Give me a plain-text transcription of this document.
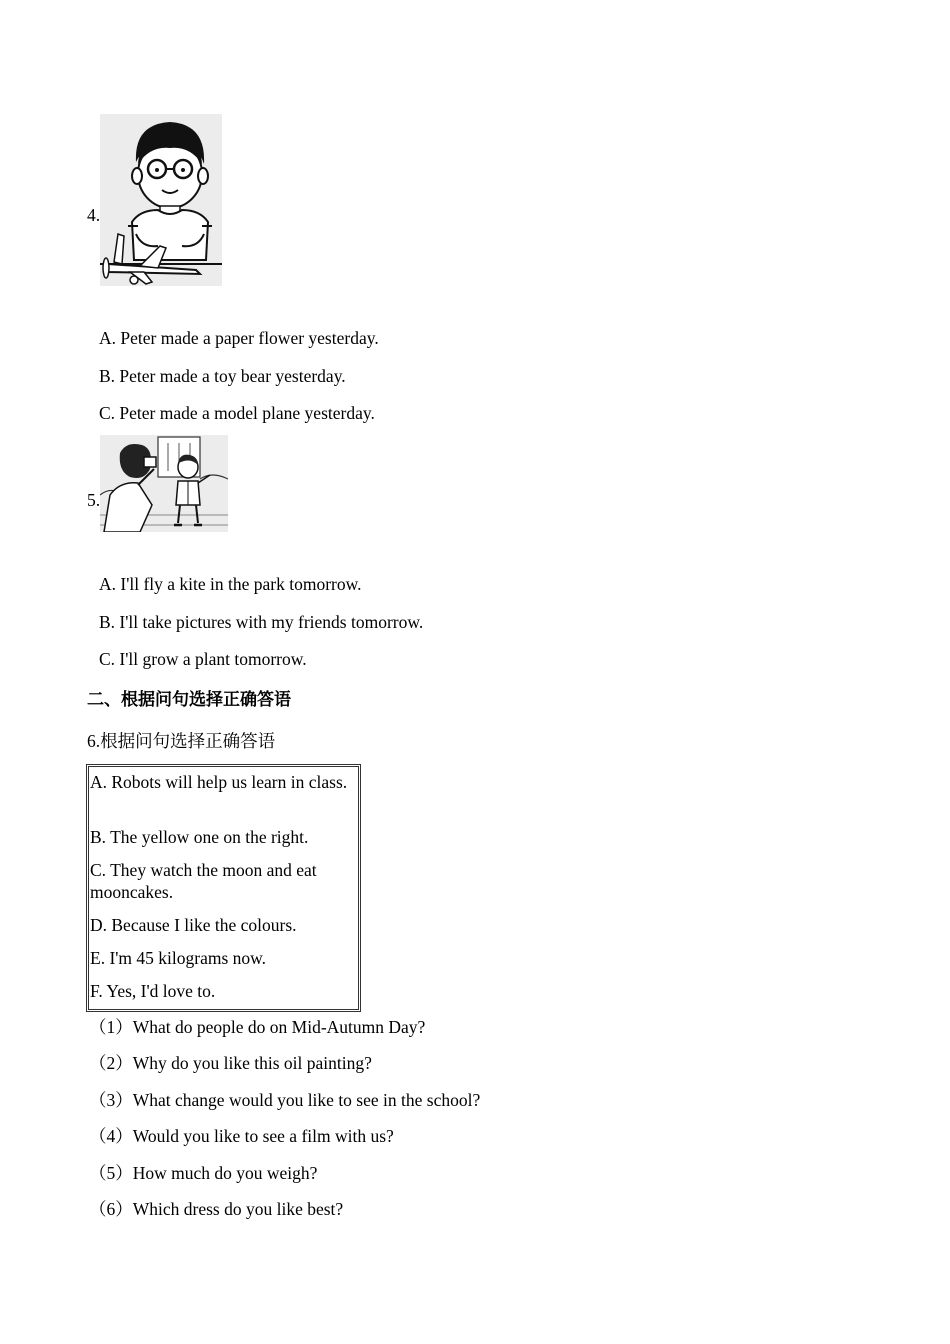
4.
A. Peter made a paper flower yesterday.
B. Peter made a toy bear yesterday.
C. Peter made a model plane yesterday.
5.
A. I'll fly a kite in the park tomorrow.
B. I'll take pictures with my friends tomorrow.
C. I'll grow a plant tomorrow.
二、根据问句选择正确答语
6.根据问句选择正确答语
A. Robots will help us learn in class.
B. The yellow one on the right.
C. They watch the moon and eat mooncakes.
D. Because I like the colours.
E. I'm 45 kilograms now.
F. Yes, I'd love to.
（1）What do people do on Mid-Autumn Day?
（2）Why do you like this oil painting?
（3）What change would you like to see in the school?
（4）Would you like to see a film with us?
（5）How much do you weigh?
（6）Which dress do you like best?
